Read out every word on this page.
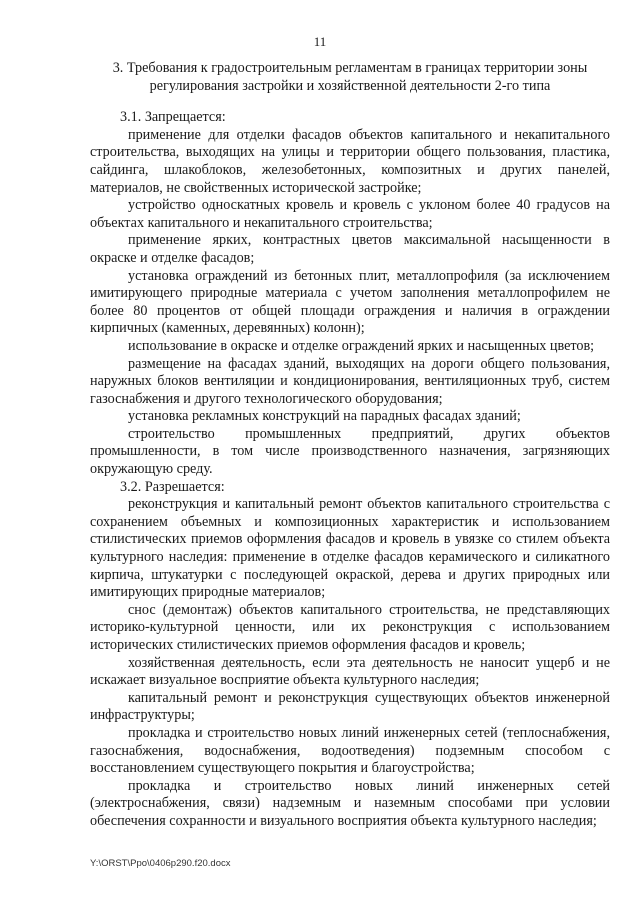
11

3. Требования к градостроительным регламентам в границах территории зоны регулирования застройки и хозяйственной деятельности 2-го типа

3.1. Запрещается:

применение для отделки фасадов объектов капитального и некапитального строительства, выходящих на улицы и территории общего пользования, пластика, сайдинга, шлакоблоков, железобетонных, композитных и других панелей, материалов, не свойственных исторической застройке;

устройство односкатных кровель и кровель с уклоном более 40 градусов на объектах капитального и некапитального строительства;

применение ярких, контрастных цветов максимальной насыщенности в окраске и отделке фасадов;

установка ограждений из бетонных плит, металлопрофиля (за исключением имитирующего природные материала с учетом заполнения металлопрофилем не более 80 процентов от общей площади ограждения и наличия в ограждении кирпичных (каменных, деревянных) колонн);

использование в окраске и отделке ограждений ярких и насыщенных цветов;

размещение на фасадах зданий, выходящих на дороги общего пользования, наружных блоков вентиляции и кондиционирования, вентиляционных труб, систем газоснабжения и другого технологического оборудования;

установка рекламных конструкций на парадных фасадах зданий;

строительство промышленных предприятий, других объектов промышленности, в том числе производственного назначения, загрязняющих окружающую среду.

3.2. Разрешается:

реконструкция и капитальный ремонт объектов капитального строительства с сохранением объемных и композиционных характеристик и использованием стилистических приемов оформления фасадов и кровель в увязке со стилем объекта культурного наследия: применение в отделке фасадов керамического и силикатного кирпича, штукатурки с последующей окраской, дерева и других природных или имитирующих природные материалов;

снос (демонтаж) объектов капитального строительства, не представляющих историко-культурной ценности, или их реконструкция с использованием исторических стилистических приемов оформления фасадов и кровель;

хозяйственная деятельность, если эта деятельность не наносит ущерб и не искажает визуальное восприятие объекта культурного наследия;

капитальный ремонт и реконструкция существующих объектов инженерной инфраструктуры;

прокладка и строительство новых линий инженерных сетей (теплоснабжения, газоснабжения, водоснабжения, водоотведения) подземным способом с восстановлением существующего покрытия и благоустройства;

прокладка и строительство новых линий инженерных сетей (электроснабжения, связи) надземным и наземным способами при условии обеспечения сохранности и визуального восприятия объекта культурного наследия;

Y:\ORST\Ppo\0406p290.f20.docx
